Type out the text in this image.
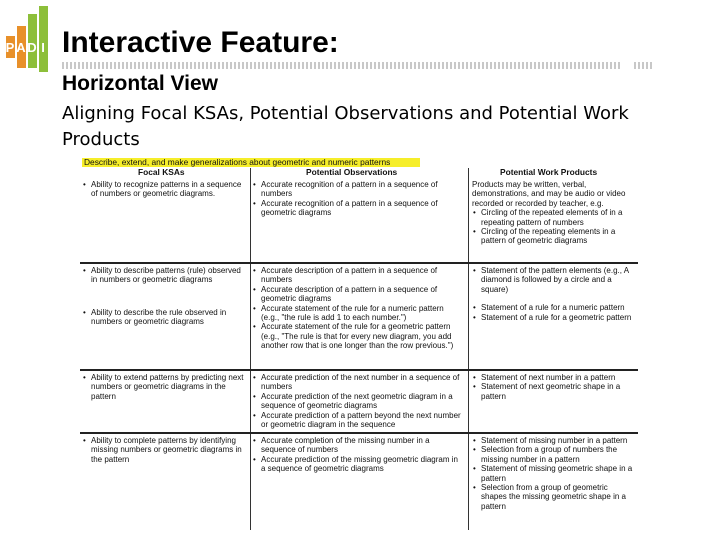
P A D I Interactive Feature:
Horizontal View
Aligning Focal KSAs, Potential Observations and Potential Work Products
Describe, extend, and make generalizations about geometric and numeric patterns
Focal KSAs	Potential Observations	Potential Work Products
• Ability to recognize patterns in a sequence of numbers or geometric diagrams.
• Accurate recognition of a pattern in a sequence of numbers
• Accurate recognition of a pattern in a sequence of geometric diagrams
Products may be written, verbal, demonstrations, and may be audio or video recorded or recorded by teacher, e.g.
• Circling of the repeated elements of in a repeating pattern of numbers
• Circling of the repeating elements in a pattern of geometric diagrams
• Ability to describe patterns (rule) observed in numbers or geometric diagrams
• Ability to describe the rule observed in numbers or geometric diagrams
• Accurate description of a pattern in a sequence of numbers
• Accurate description of a pattern in a sequence of geometric diagrams
• Accurate statement of the rule for a numeric pattern (e.g., "the rule is add 1 to each number.")
• Accurate statement of the rule for a geometric pattern (e.g., "The rule is that for every new diagram, you add another row that is one longer than the row previous.")
• Statement of the pattern elements (e.g., A diamond is followed by a circle and a square)
• Statement of a rule for a numeric pattern
• Statement of a rule for a geometric pattern
• Ability to extend patterns by predicting next numbers or geometric diagrams in the pattern
• Accurate prediction of the next number in a sequence of numbers
• Accurate prediction of the next geometric diagram in a sequence of geometric diagrams
• Accurate prediction of a pattern beyond the next number or geometric diagram in the sequence
• Statement of next number in a pattern
• Statement of next geometric shape in a pattern
• Ability to complete patterns by identifying missing numbers or geometric diagrams in the pattern
• Accurate completion of the missing number in a sequence of numbers
• Accurate prediction of the missing geometric diagram in a sequence of geometric diagrams
• Statement of missing number in a pattern
• Selection from a group of numbers the missing number in a pattern
• Statement of missing geometric shape in a pattern
• Selection from a group of geometric shapes the missing geometric shape in a pattern
